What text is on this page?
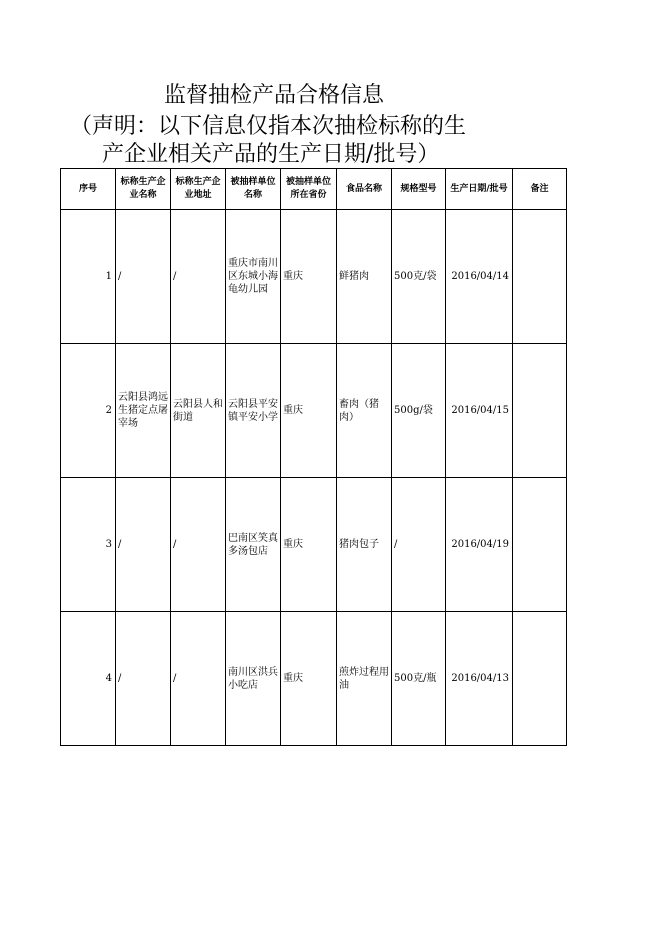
监督抽检产品合格信息
（声明：以下信息仅指本次抽检标称的生
产企业相关产品的生产日期/批号）
序号	标称生产企业名称	标称生产企业地址	被抽样单位名称	被抽样单位所在省份	食品名称	规格型号	生产日期/批号	备注
1	/	/	重庆市南川区东城小海龟幼儿园	重庆	鲜猪肉	500克/袋	2016/04/14	
2	云阳县鸿远生猪定点屠宰场	云阳县人和街道	云阳县平安镇平安小学	重庆	畜肉（猪肉）	500g/袋	2016/04/15	
3	/	/	巴南区笑真多汤包店	重庆	猪肉包子	/	2016/04/19	
4	/	/	南川区洪兵小吃店	重庆	煎炸过程用油	500克/瓶	2016/04/13	
